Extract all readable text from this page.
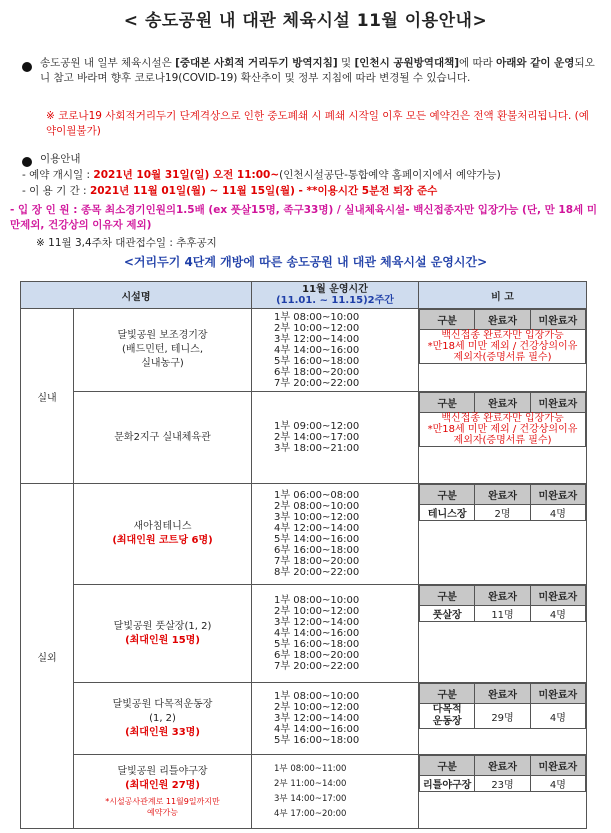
< 송도공원 내 대관 체육시설 11월 이용안내>
송도공원 내 일부 체육시설은 [중대본 사회적 거리두기 방역지침] 및 [인천시 공원방역대책]에 따라 아래와 같이 운영되오니 참고 바라며 향후 코로나19(COVID-19) 확산추이 및 정부 지침에 따라 변경될 수 있습니다.
※ 코로나19 사회적거리두기 단계격상으로 인한 중도폐쇄 시 폐쇄 시작일 이후 모든 예약건은 전액 환불처리됩니다. (예약이월불가)
이용안내
- 예약 개시일 : 2021년 10월 31일(일) 오전 11:00~(인천시설공단-통합예약 홈페이지에서 예약가능)
- 이 용 기 간 : 2021년 11월 01일(월) ~ 11월 15일(월) - **이용시간 5분전 퇴장 준수
- 입 장 인 원 : 종목 최소경기인원의1.5배 (ex 풋살15명, 족구33명) / 실내체육시설- 백신접종자만 입장가능 (단, 만 18세 미만제외, 건강상의 이유자 제외)
※ 11월 3,4주차 대관접수일 : 추후공지
<거리두기 4단계 개방에 따른 송도공원 내 대관 체육시설 운영시간>
시설명	
11월 운영시간
(11.01. ~ 11.15)2주간	비 고
실내	
달빛공원 보조경기장
(배드민턴, 테니스,
실내농구)

1부 08:00~10:00
2부 10:00~12:00
3부 12:00~14:00
4부 14:00~16:00
5부 16:00~18:00
6부 18:00~20:00
7부 20:00~22:00

구분	완료자	미완료자

백신접종 완료자만 입장가능
*만18세 미만 제외 / 건강상의이유
제외자(증명서류 필수)

문화2지구 실내체육관	
1부 09:00~12:00
2부 14:00~17:00
3부 18:00~21:00

구분	완료자	미완료자

백신접종 완료자만 입장가능
*만18세 미만 제외 / 건강상의이유
제외자(증명서류 필수)

실외	
새아침테니스
(최대인원 코트당 6명)

1부 06:00~08:00
2부 08:00~10:00
3부 10:00~12:00
4부 12:00~14:00
5부 14:00~16:00
6부 16:00~18:00
7부 18:00~20:00
8부 20:00~22:00

구분	완료자	미완료자
테니스장	2명	4명

달빛공원 풋살장(1, 2)
(최대인원 15명)

1부 08:00~10:00
2부 10:00~12:00
3부 12:00~14:00
4부 14:00~16:00
5부 16:00~18:00
6부 18:00~20:00
7부 20:00~22:00

구분	완료자	미완료자
풋살장	11명	4명

달빛공원 다목적운동장
(1, 2)
(최대인원 33명)

1부 08:00~10:00
2부 10:00~12:00
3부 12:00~14:00
4부 14:00~16:00
5부 16:00~18:00

구분	완료자	미완료자

다목적
운동장	29명	4명

달빛공원 리틀야구장
(최대인원 27명)
*시설공사관계로 11월9일까지만
예약가능

1부 08:00~11:00
2부 11:00~14:00
3부 14:00~17:00
4부 17:00~20:00

구분	완료자	미완료자
리틀야구장	23명	4명
